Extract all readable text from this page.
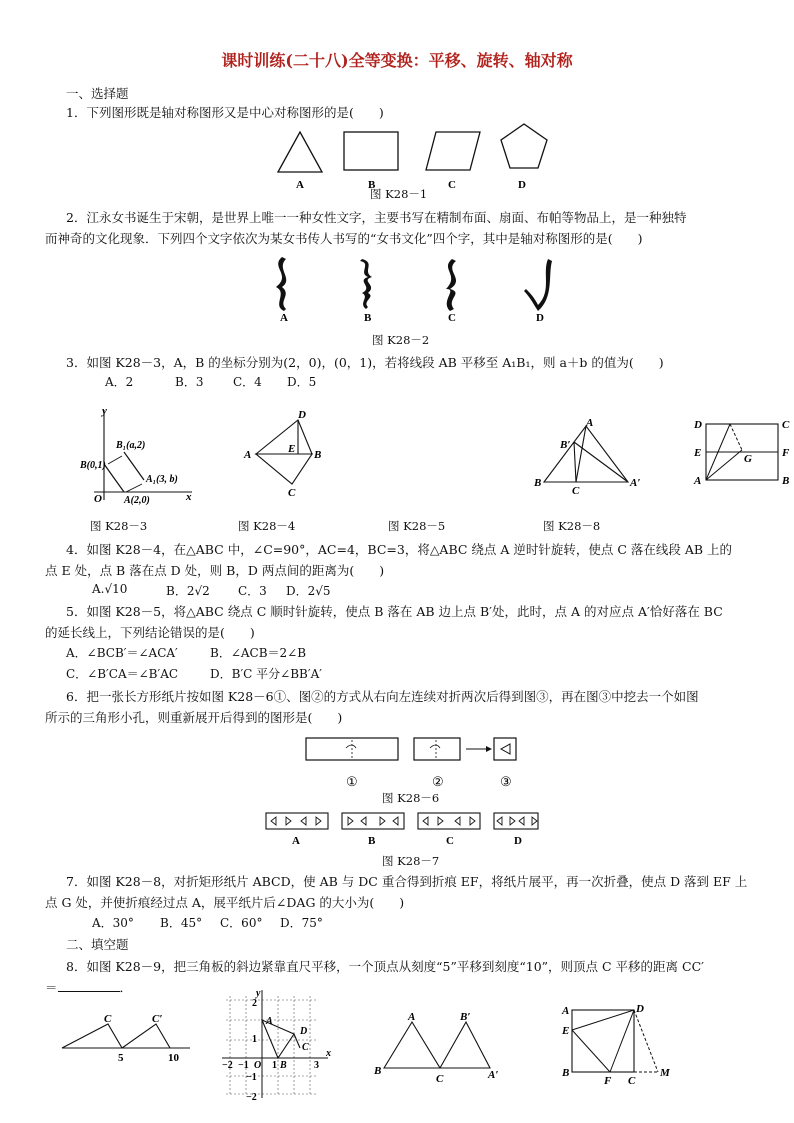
课时训练(二十八)全等变换：平移、旋转、轴对称
一、选择题
1．下列图形既是轴对称图形又是中心对称图形的是(　　)
A	B	C	D
图 K28－1
2．江永女书诞生于宋朝，是世界上唯一一种女性文字，主要书写在精制布面、扇面、布帕等物品上，是一种独特
而神奇的文化现象．下列四个文字依次为某女书传人书写的“女书文化”四个字，其中是轴对称图形的是(　　)
A	B	C	D
图 K28－2
3．如图 K28－3，A，B 的坐标分别为(2，0)，(0，1)，若将线段 AB 平移至 A₁B₁，则 a＋b 的值为(　　)
A．2	B．3 C．4 D．5
y
x
O
B(0,1)
A(2,0)
B₁(a,2)
A₁(3, b)
图 K28－3
A
D
E B
C
图 K28－4
B
A
B′
C
A′
图 K28－5
D	C
E	F
G
A	B
图 K28－8
4．如图 K28－4，在△ABC 中，∠C=90°，AC=4，BC=3，将△ABC 绕点 A 逆时针旋转，使点 C 落在线段 AB 上的
点 E 处，点 B 落在点 D 处，则 B，D 两点间的距离为(　　)
A.√10	B．2√2 C．3 D．2√5
5．如图 K28－5，将△ABC 绕点 C 顺时针旋转，使点 B 落在 AB 边上点 B′处，此时，点 A 的对应点 A′恰好落在 BC
的延长线上，下列结论错误的是(　　)
A．∠BCB′＝∠ACA′	B．∠ACB＝2∠B
C．∠B′CA＝∠B′AC	D．B′C 平分∠BB′A′
6．把一张长方形纸片按如图 K28－6①、图②的方式从右向左连续对折两次后得到图③，再在图③中挖去一个如图
所示的三角形小孔，则重新展开后得到的图形是(　　)
①	②	③
图 K28－6
A	B	C	D
图 K28－7
7．如图 K28－8，对折矩形纸片 ABCD，使 AB 与 DC 重合得到折痕 EF，将纸片展平，再一次折叠，使点 D 落到 EF 上
点 G 处，并使折痕经过点 A，展平纸片后∠DAG 的大小为(　　)
A．30° B．45° C．60° D．75°
二、填空题
8．如图 K28－9，把三角板的斜边紧靠直尺平移，一个顶点从刻度“5”平移到刻度“10”，则顶点 C 平移的距离 CC′
＝	．
C	C′
5	10
y
x
O
A
B
C
D
2
1
−1
−2
−2 −1 1	3
A
B
C
B′
A′
A	D
E
B
F C
M
